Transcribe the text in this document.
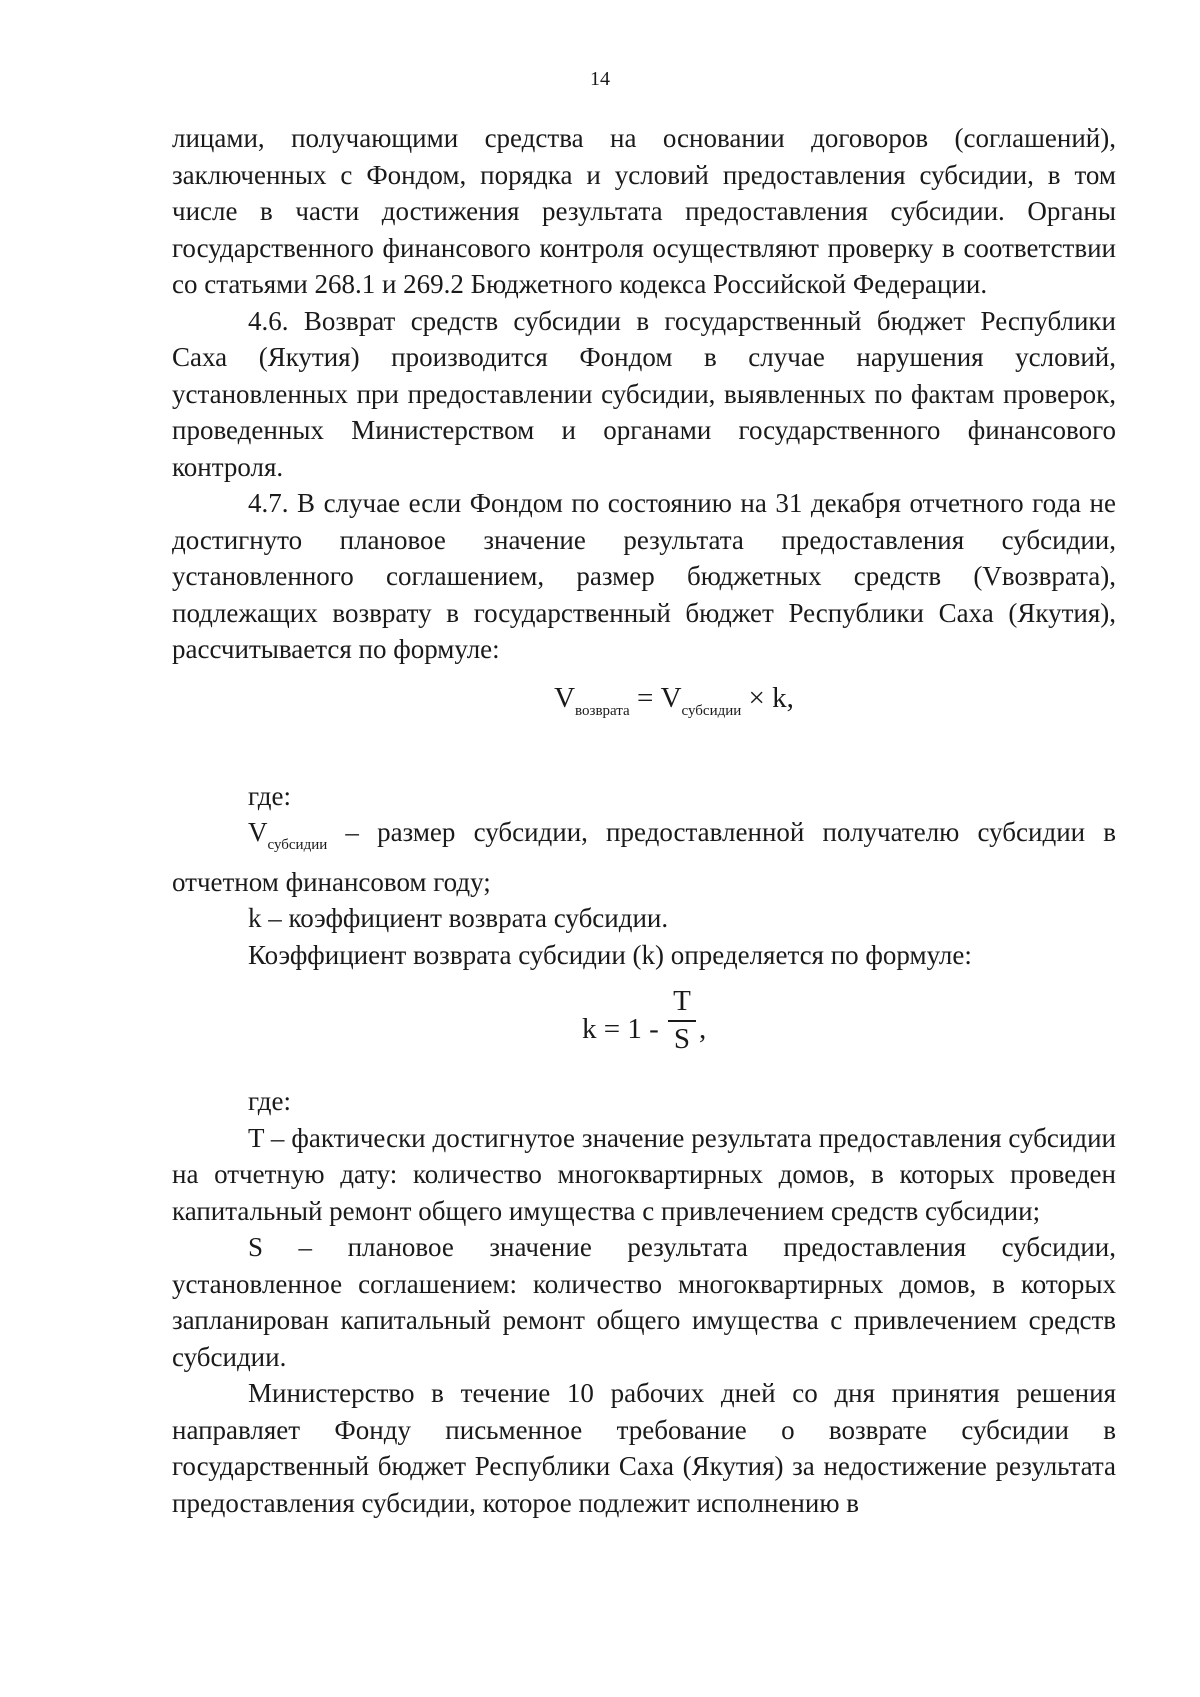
14

лицами, получающими средства на основании договоров (соглашений), заключенных с Фондом, порядка и условий предоставления субсидии, в том числе в части достижения результата предоставления субсидии. Органы государственного финансового контроля осуществляют проверку в соответствии со статьями 268.1 и 269.2 Бюджетного кодекса Российской Федерации.

4.6. Возврат средств субсидии в государственный бюджет Республики Саха (Якутия) производится Фондом в случае нарушения условий, установленных при предоставлении субсидии, выявленных по фактам проверок, проведенных Министерством и органами государственного финансового контроля.

4.7. В случае если Фондом по состоянию на 31 декабря отчетного года не достигнуто плановое значение результата предоставления субсидии, установленного соглашением, размер бюджетных средств (Vвозврата), подлежащих возврату в государственный бюджет Республики Саха (Якутия), рассчитывается по формуле:

$V_{возврата} = V_{субсидии} \times k$,

где:

$V_{субсидии}$ – размер субсидии, предоставленной получателю субсидии в отчетном финансовом году;

k – коэффициент возврата субсидии.

Коэффициент возврата субсидии (k) определяется по формуле:

k = 1 -
T
S ,

где:

T – фактически достигнутое значение результата предоставления субсидии на отчетную дату: количество многоквартирных домов, в которых проведен капитальный ремонт общего имущества с привлечением средств субсидии;

S – плановое значение результата предоставления субсидии, установленное соглашением: количество многоквартирных домов, в которых запланирован капитальный ремонт общего имущества с привлечением средств субсидии.

Министерство в течение 10 рабочих дней со дня принятия решения направляет Фонду письменное требование о возврате субсидии в государственный бюджет Республики Саха (Якутия) за недостижение результата предоставления субсидии, которое подлежит исполнению в
